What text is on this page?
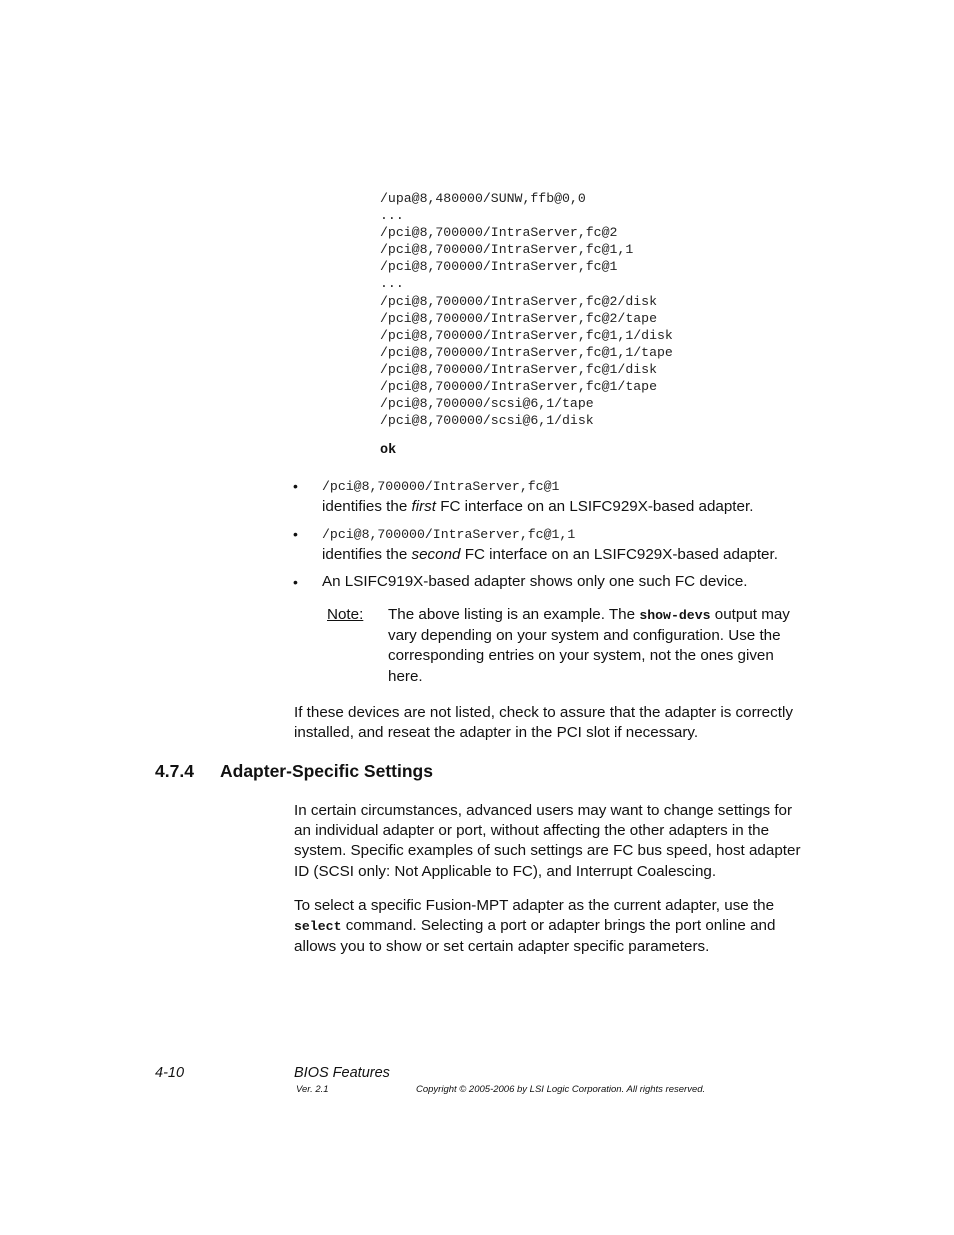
/upa@8,480000/SUNW,ffb@0,0
...
/pci@8,700000/IntraServer,fc@2
/pci@8,700000/IntraServer,fc@1,1
/pci@8,700000/IntraServer,fc@1
...
/pci@8,700000/IntraServer,fc@2/disk
/pci@8,700000/IntraServer,fc@2/tape
/pci@8,700000/IntraServer,fc@1,1/disk
/pci@8,700000/IntraServer,fc@1,1/tape
/pci@8,700000/IntraServer,fc@1/disk
/pci@8,700000/IntraServer,fc@1/tape
/pci@8,700000/scsi@6,1/tape
/pci@8,700000/scsi@6,1/disk
ok
• /pci@8,700000/IntraServer,fc@1
identifies the first FC interface on an LSIFC929X-based adapter.
• /pci@8,700000/IntraServer,fc@1,1
identifies the second FC interface on an LSIFC929X-based adapter.
• An LSIFC919X-based adapter shows only one such FC device.
Note: The above listing is an example. The show-devs output may vary depending on your system and configuration. Use the corresponding entries on your system, not the ones given here.
If these devices are not listed, check to assure that the adapter is correctly installed, and reseat the adapter in the PCI slot if necessary.
4.7.4 Adapter-Specific Settings
In certain circumstances, advanced users may want to change settings for an individual adapter or port, without affecting the other adapters in the system. Specific examples of such settings are FC bus speed, host adapter ID (SCSI only: Not Applicable to FC), and Interrupt Coalescing.
To select a specific Fusion-MPT adapter as the current adapter, use the select command. Selecting a port or adapter brings the port online and allows you to show or set certain adapter specific parameters.
4-10	BIOS Features
Ver. 2.1	Copyright © 2005-2006 by LSI Logic Corporation. All rights reserved.
